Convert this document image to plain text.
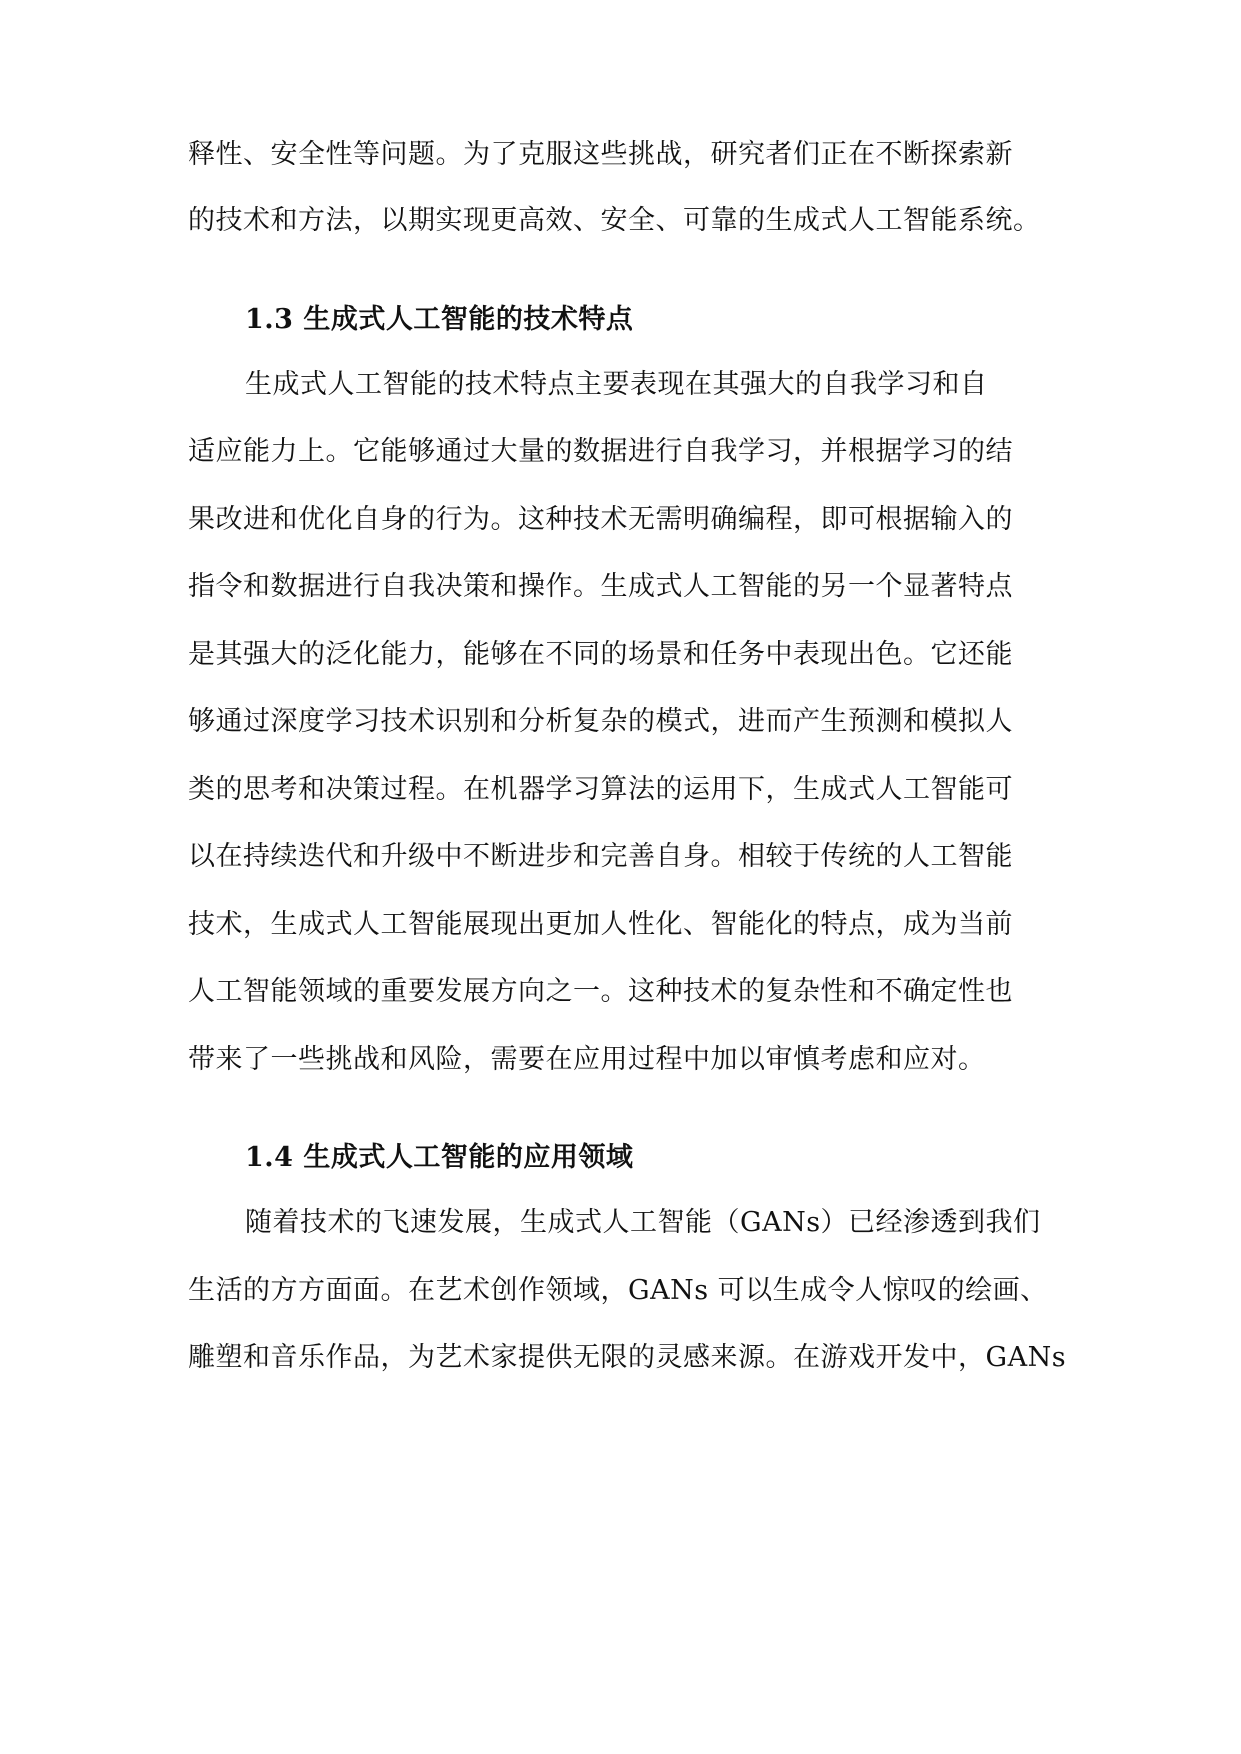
释性、安全性等问题。为了克服这些挑战，研究者们正在不断探索新
的技术和方法，以期实现更高效、安全、可靠的生成式人工智能系统。
1.3 生成式人工智能的技术特点
生成式人工智能的技术特点主要表现在其强大的自我学习和自
适应能力上。它能够通过大量的数据进行自我学习，并根据学习的结
果改进和优化自身的行为。这种技术无需明确编程，即可根据输入的
指令和数据进行自我决策和操作。生成式人工智能的另一个显著特点
是其强大的泛化能力，能够在不同的场景和任务中表现出色。它还能
够通过深度学习技术识别和分析复杂的模式，进而产生预测和模拟人
类的思考和决策过程。在机器学习算法的运用下，生成式人工智能可
以在持续迭代和升级中不断进步和完善自身。相较于传统的人工智能
技术，生成式人工智能展现出更加人性化、智能化的特点，成为当前
人工智能领域的重要发展方向之一。这种技术的复杂性和不确定性也
带来了一些挑战和风险，需要在应用过程中加以审慎考虑和应对。
1.4 生成式人工智能的应用领域
随着技术的飞速发展，生成式人工智能（GANs）已经渗透到我们
生活的方方面面。在艺术创作领域，GANs 可以生成令人惊叹的绘画、
雕塑和音乐作品，为艺术家提供无限的灵感来源。在游戏开发中，GANs
